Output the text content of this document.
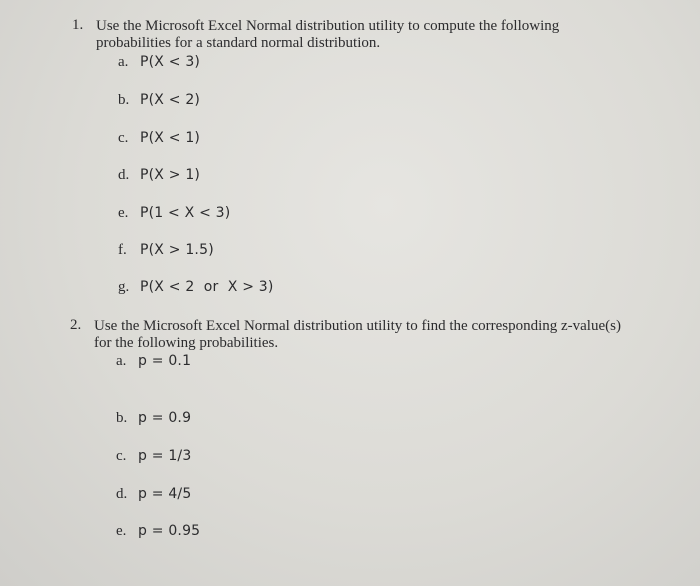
1. Use the Microsoft Excel Normal distribution utility to compute the following
probabilities for a standard normal distribution.
a. P(X < 3)
b. P(X < 2)
c. P(X < 1)
d. P(X > 1)
e. P(1 < X < 3)
f. P(X > 1.5)
g. P(X < 2  or  X > 3)
2. Use the Microsoft Excel Normal distribution utility to find the corresponding z-value(s)
for the following probabilities.
a. p = 0.1
b. p = 0.9
c. p = 1/3
d. p = 4/5
e. p = 0.95
